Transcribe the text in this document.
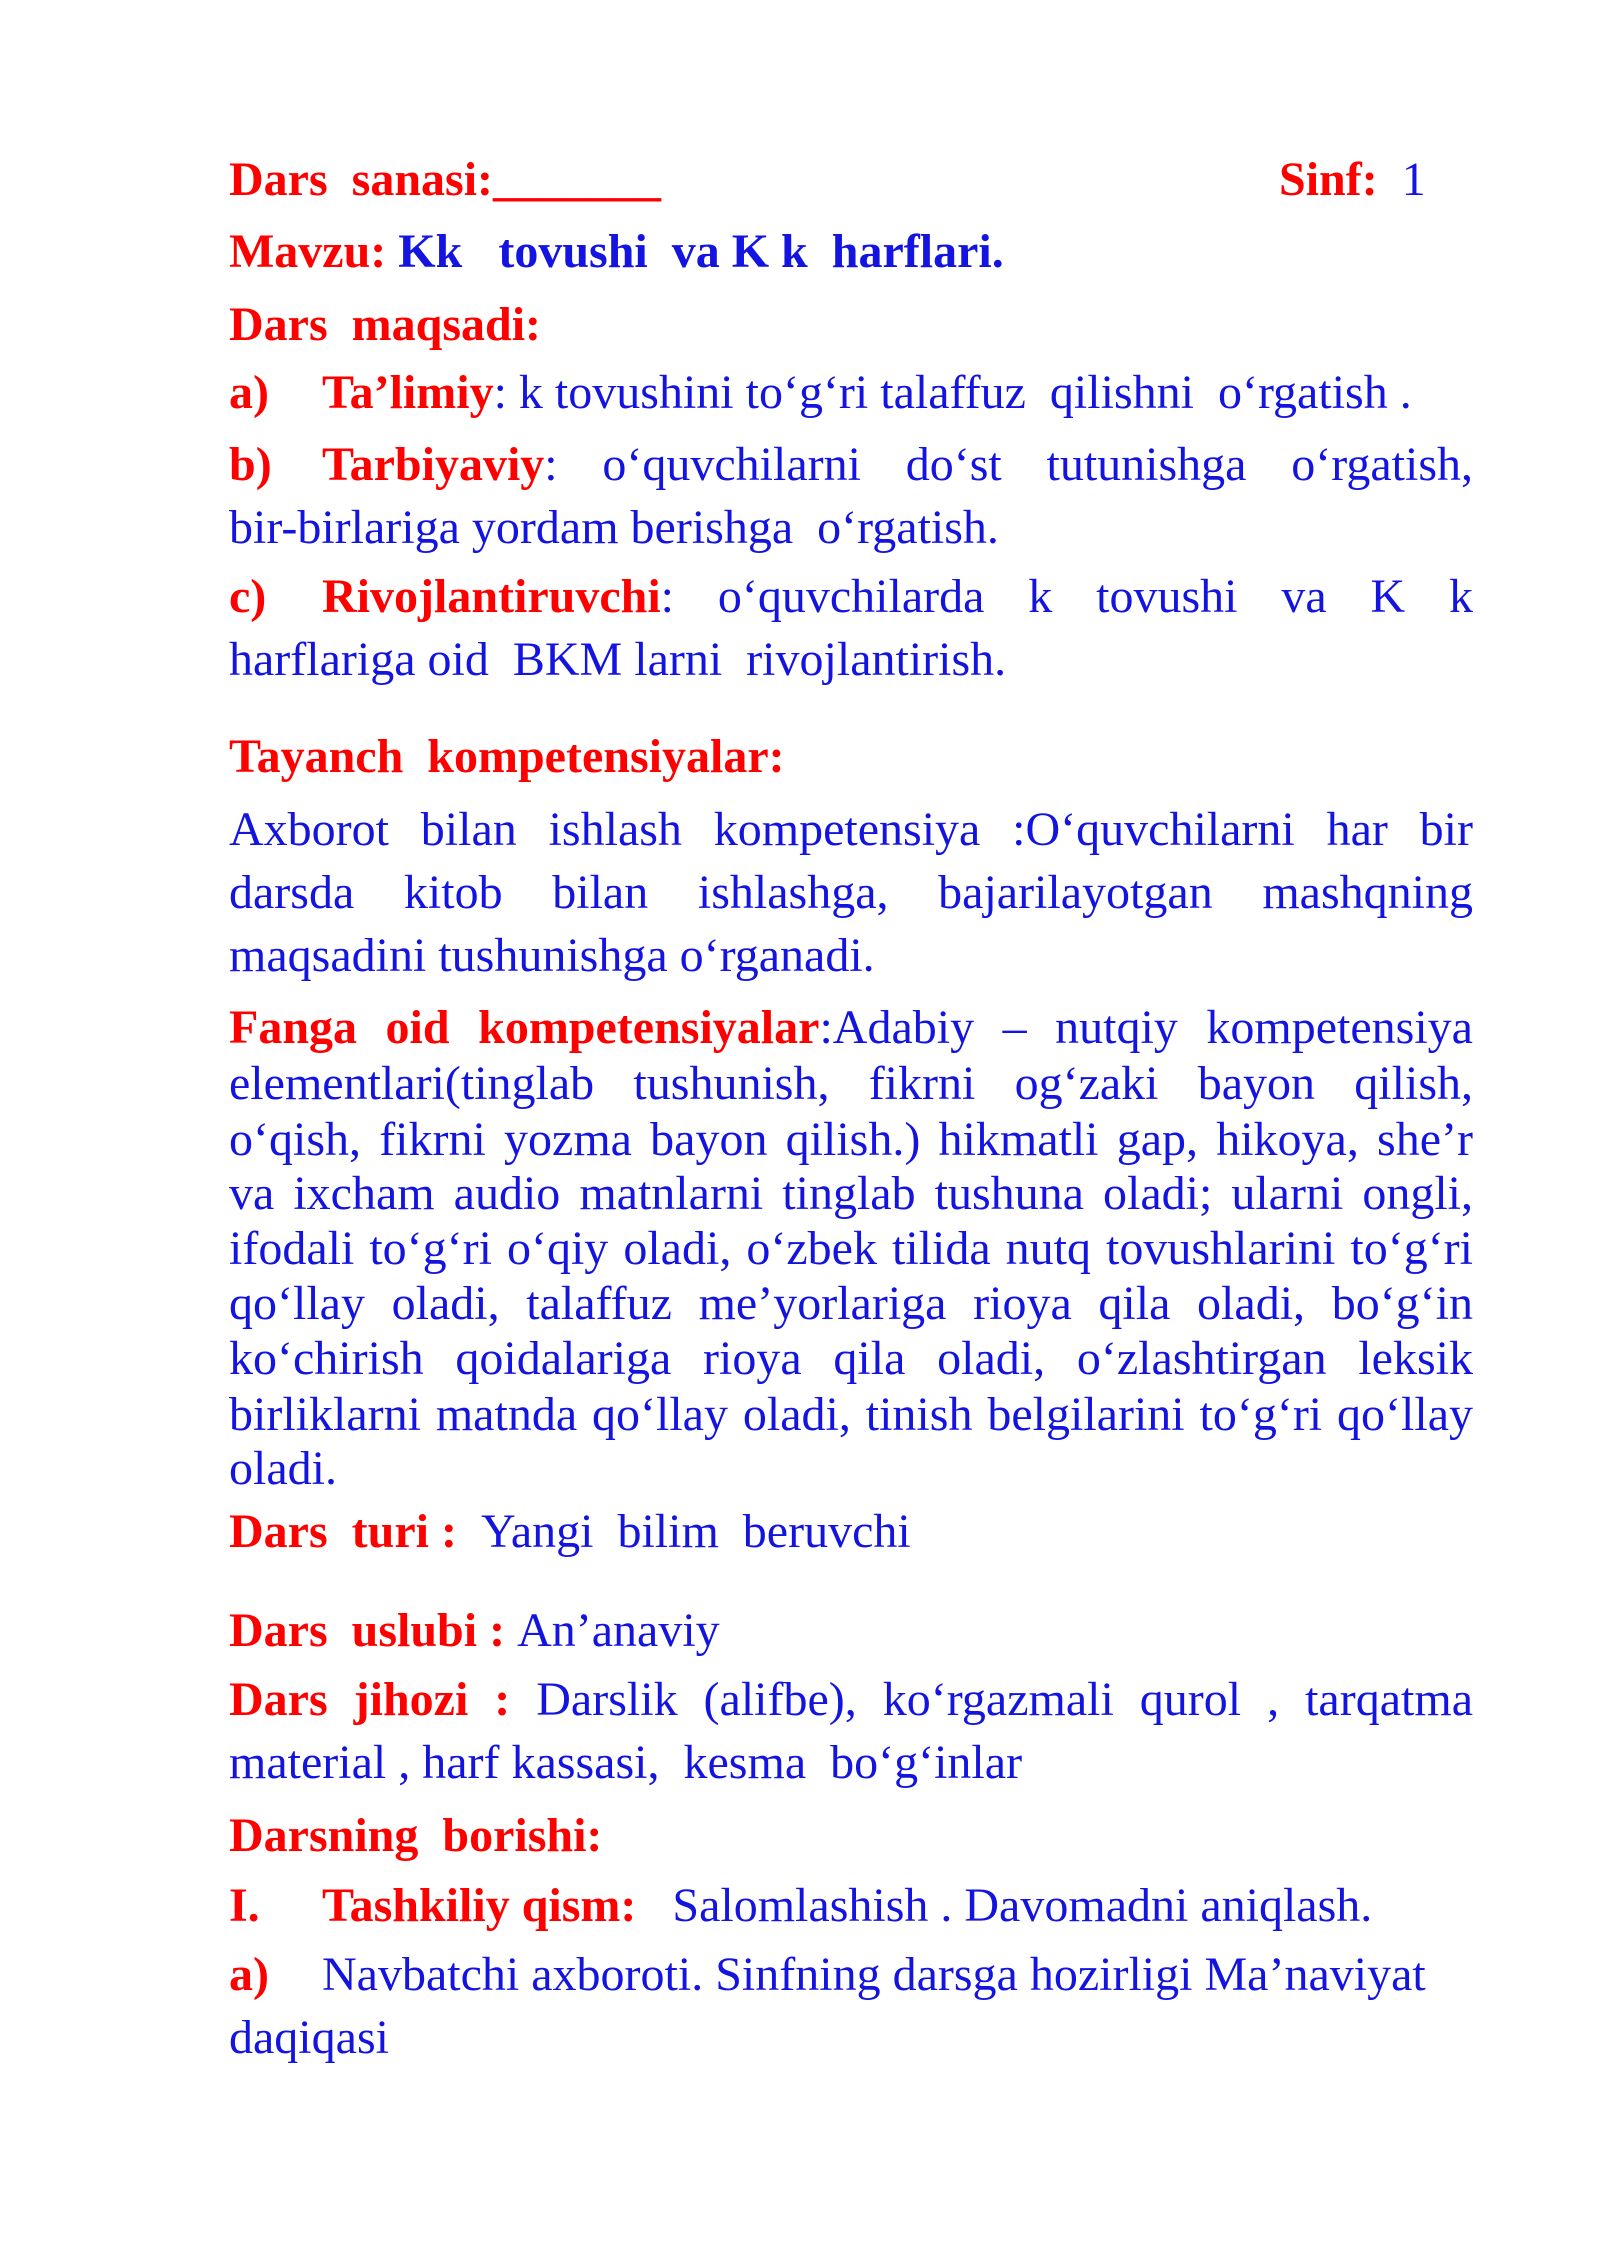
Dars  sanasi:_______	Sinf: 1
Mavzu: Kk   tovushi  va K k  harflari.
Dars  maqsadi:
a) Ta’limiy: k tovushini to‘g‘ri talaffuz  qilishni  o‘rgatish .
b) Tarbiyaviy: o‘quvchilarni do‘st tutunishga o‘rgatish,
bir-birlariga yordam berishga  o‘rgatish.
c) Rivojlantiruvchi: o‘quvchilarda k tovushi va K k
harflariga oid  BKM larni  rivojlantirish.
Tayanch  kompetensiyalar:
Axborot bilan ishlash kompetensiya :O‘quvchilarni har bir
darsda kitob bilan ishlashga, bajarilayotgan mashqning
maqsadini tushunishga o‘rganadi.
Fanga oid kompetensiyalar:Adabiy – nutqiy kompetensiya
elementlari(tinglab tushunish, fikrni og‘zaki bayon qilish,
o‘qish, fikrni yozma bayon qilish.) hikmatli gap, hikoya, she’r
va ixcham audio matnlarni tinglab tushuna oladi; ularni ongli,
ifodali to‘g‘ri o‘qiy oladi, o‘zbek tilida nutq tovushlarini to‘g‘ri
qo‘llay oladi, talaffuz me’yorlariga rioya qila oladi, bo‘g‘in
ko‘chirish qoidalariga rioya qila oladi, o‘zlashtirgan leksik
birliklarni matnda qo‘llay oladi, tinish belgilarini to‘g‘ri qo‘llay
oladi.
Dars  turi : Yangi  bilim  beruvchi
Dars  uslubi : An’anaviy
Dars jihozi : Darslik (alifbe), ko‘rgazmali qurol , tarqatma
material , harf kassasi,  kesma  bo‘g‘inlar
Darsning  borishi:
I. Tashkiliy qism: Salomlashish . Davomadni aniqlash.
a) Navbatchi axboroti. Sinfning darsga hozirligi Ma’naviyat
daqiqasi
